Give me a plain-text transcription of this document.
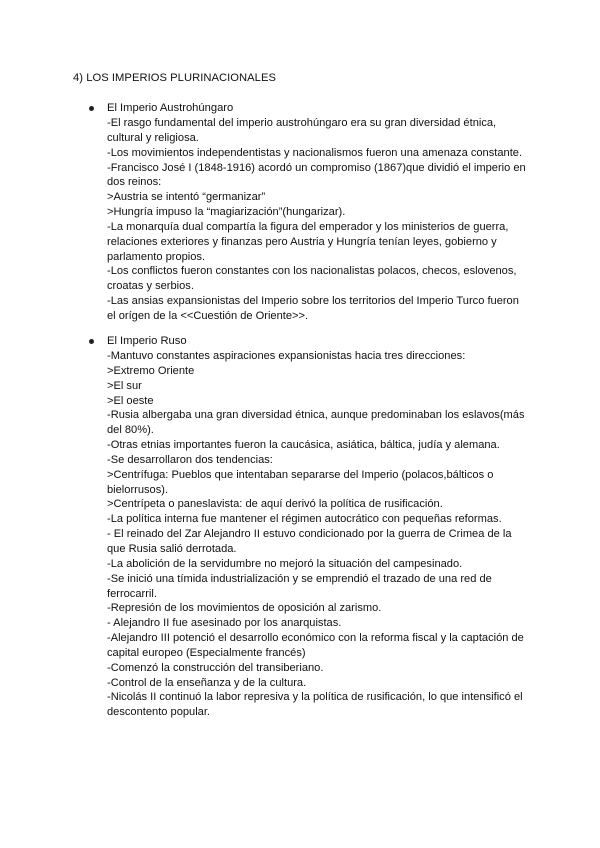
4) LOS IMPERIOS PLURINACIONALES
El Imperio Austrohúngaro
-El rasgo fundamental del imperio austrohúngaro era su gran diversidad étnica,
cultural y religiosa.
-Los movimientos independentistas y nacionalismos fueron una amenaza constante.
-Francisco José I (1848-1916) acordó un compromiso (1867)que dividió el imperio en
dos reinos:
>Austria se intentó “germanizar”
>Hungría impuso la “magiarización”(hungarizar).
-La monarquía dual compartía la figura del emperador y los ministerios de guerra,
relaciones exteriores y finanzas pero Austria y Hungría tenían leyes, gobierno y
parlamento propios.
-Los conflictos fueron constantes con los nacionalistas polacos, checos, eslovenos,
croatas y serbios.
-Las ansias expansionistas del Imperio sobre los territorios del Imperio Turco fueron
el orígen de la <<Cuestión de Oriente>>.
El Imperio Ruso
-Mantuvo constantes aspiraciones expansionistas hacia tres direcciones:
>Extremo Oriente
>El sur
>El oeste
-Rusia albergaba una gran diversidad étnica, aunque predominaban los eslavos(más
del 80%).
-Otras etnias importantes fueron la caucásica, asiática, báltica, judía y alemana.
-Se desarrollaron dos tendencias:
>Centrífuga: Pueblos que intentaban separarse del Imperio (polacos,bálticos o
bielorrusos).
>Centrípeta o paneslavista: de aquí derivó la política de rusificación.
-La política interna fue mantener el régimen autocrático con pequeñas reformas.
- El reinado del Zar Alejandro II estuvo condicionado por la guerra de Crimea de la
que Rusia salió derrotada.
-La abolición de la servidumbre no mejoró la situación del campesinado.
-Se inició una tímida industrialización y se emprendió el trazado de una red de
ferrocarril.
-Represión de los movimientos de oposición al zarismo.
- Alejandro II fue asesinado por los anarquistas.
-Alejandro III potenció el desarrollo económico con la reforma fiscal y la captación de
capital europeo (Especialmente francés)
-Comenzó la construcción del transiberiano.
-Control de la enseñanza y de la cultura.
-Nicolás II continuó la labor represiva y la política de rusificación, lo que intensificó el
descontento popular.
